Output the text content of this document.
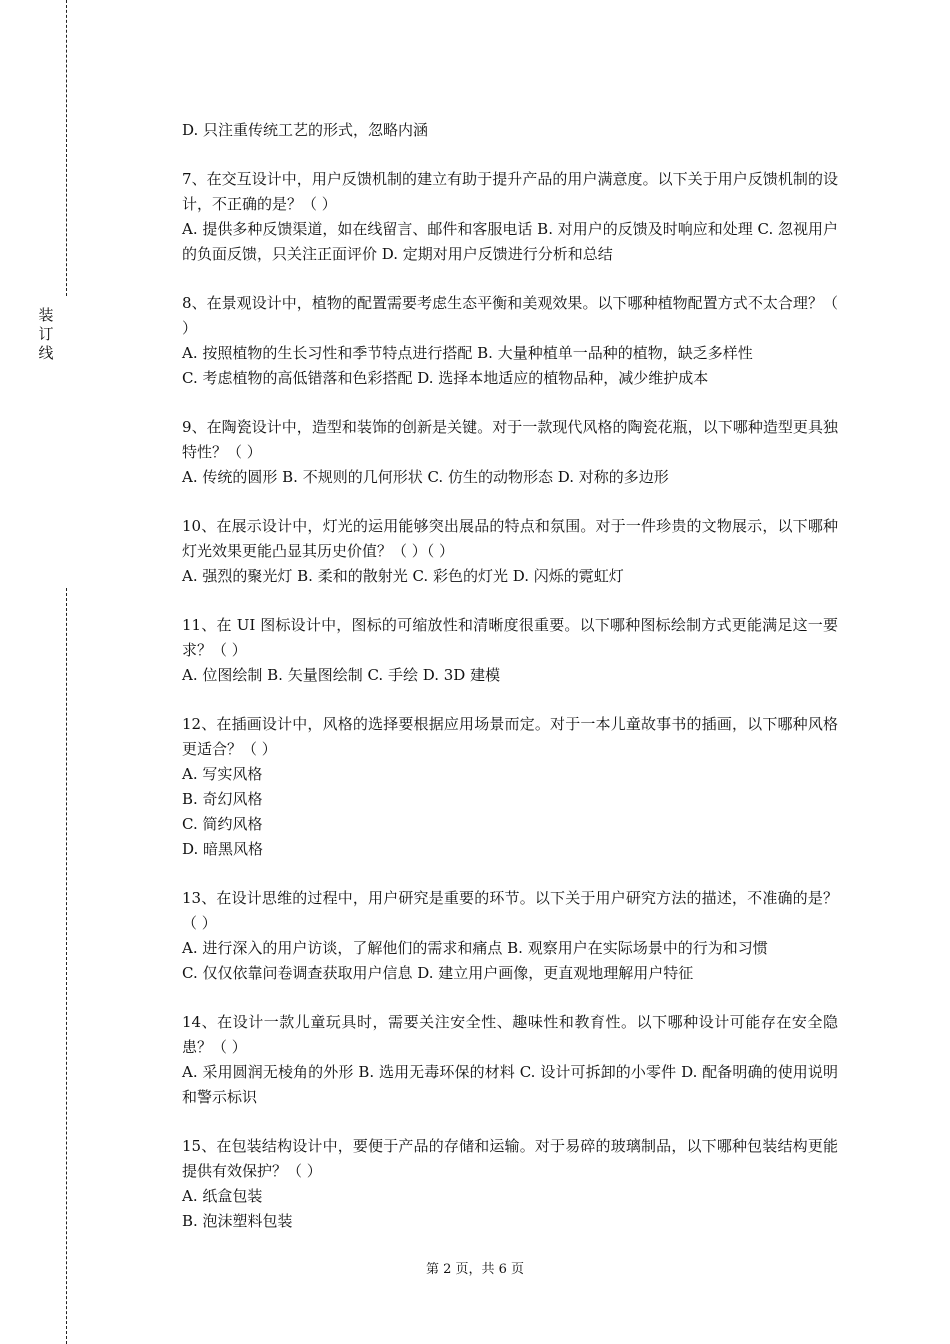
装订线
D. 只注重传统工艺的形式，忽略内涵
7、在交互设计中，用户反馈机制的建立有助于提升产品的用户满意度。以下关于用户反馈机制的设计，不正确的是？（ ）
A. 提供多种反馈渠道，如在线留言、邮件和客服电话 B. 对用户的反馈及时响应和处理 C. 忽视用户的负面反馈，只关注正面评价 D. 定期对用户反馈进行分析和总结
8、在景观设计中，植物的配置需要考虑生态平衡和美观效果。以下哪种植物配置方式不太合理？（ ）
A. 按照植物的生长习性和季节特点进行搭配 B. 大量种植单一品种的植物，缺乏多样性
C. 考虑植物的高低错落和色彩搭配 D. 选择本地适应的植物品种，减少维护成本
9、在陶瓷设计中，造型和装饰的创新是关键。对于一款现代风格的陶瓷花瓶，以下哪种造型更具独特性？（ ）
A. 传统的圆形 B. 不规则的几何形状 C. 仿生的动物形态 D. 对称的多边形
10、在展示设计中，灯光的运用能够突出展品的特点和氛围。对于一件珍贵的文物展示，以下哪种灯光效果更能凸显其历史价值？（ ）（ ）
A. 强烈的聚光灯 B. 柔和的散射光 C. 彩色的灯光 D. 闪烁的霓虹灯
11、在 UI 图标设计中，图标的可缩放性和清晰度很重要。以下哪种图标绘制方式更能满足这一要求？（ ）
A. 位图绘制 B. 矢量图绘制 C. 手绘 D. 3D 建模
12、在插画设计中，风格的选择要根据应用场景而定。对于一本儿童故事书的插画，以下哪种风格更适合？（ ）
A. 写实风格
B. 奇幻风格
C. 简约风格
D. 暗黑风格
13、在设计思维的过程中，用户研究是重要的环节。以下关于用户研究方法的描述，不准确的是？（ ）
A. 进行深入的用户访谈，了解他们的需求和痛点 B. 观察用户在实际场景中的行为和习惯
C. 仅仅依靠问卷调查获取用户信息 D. 建立用户画像，更直观地理解用户特征
14、在设计一款儿童玩具时，需要关注安全性、趣味性和教育性。以下哪种设计可能存在安全隐患？（ ）
A. 采用圆润无棱角的外形 B. 选用无毒环保的材料 C. 设计可拆卸的小零件 D. 配备明确的使用说明和警示标识
15、在包装结构设计中，要便于产品的存储和运输。对于易碎的玻璃制品，以下哪种包装结构更能提供有效保护？（ ）
A. 纸盒包装
B. 泡沫塑料包装
第 2 页，共 6 页
